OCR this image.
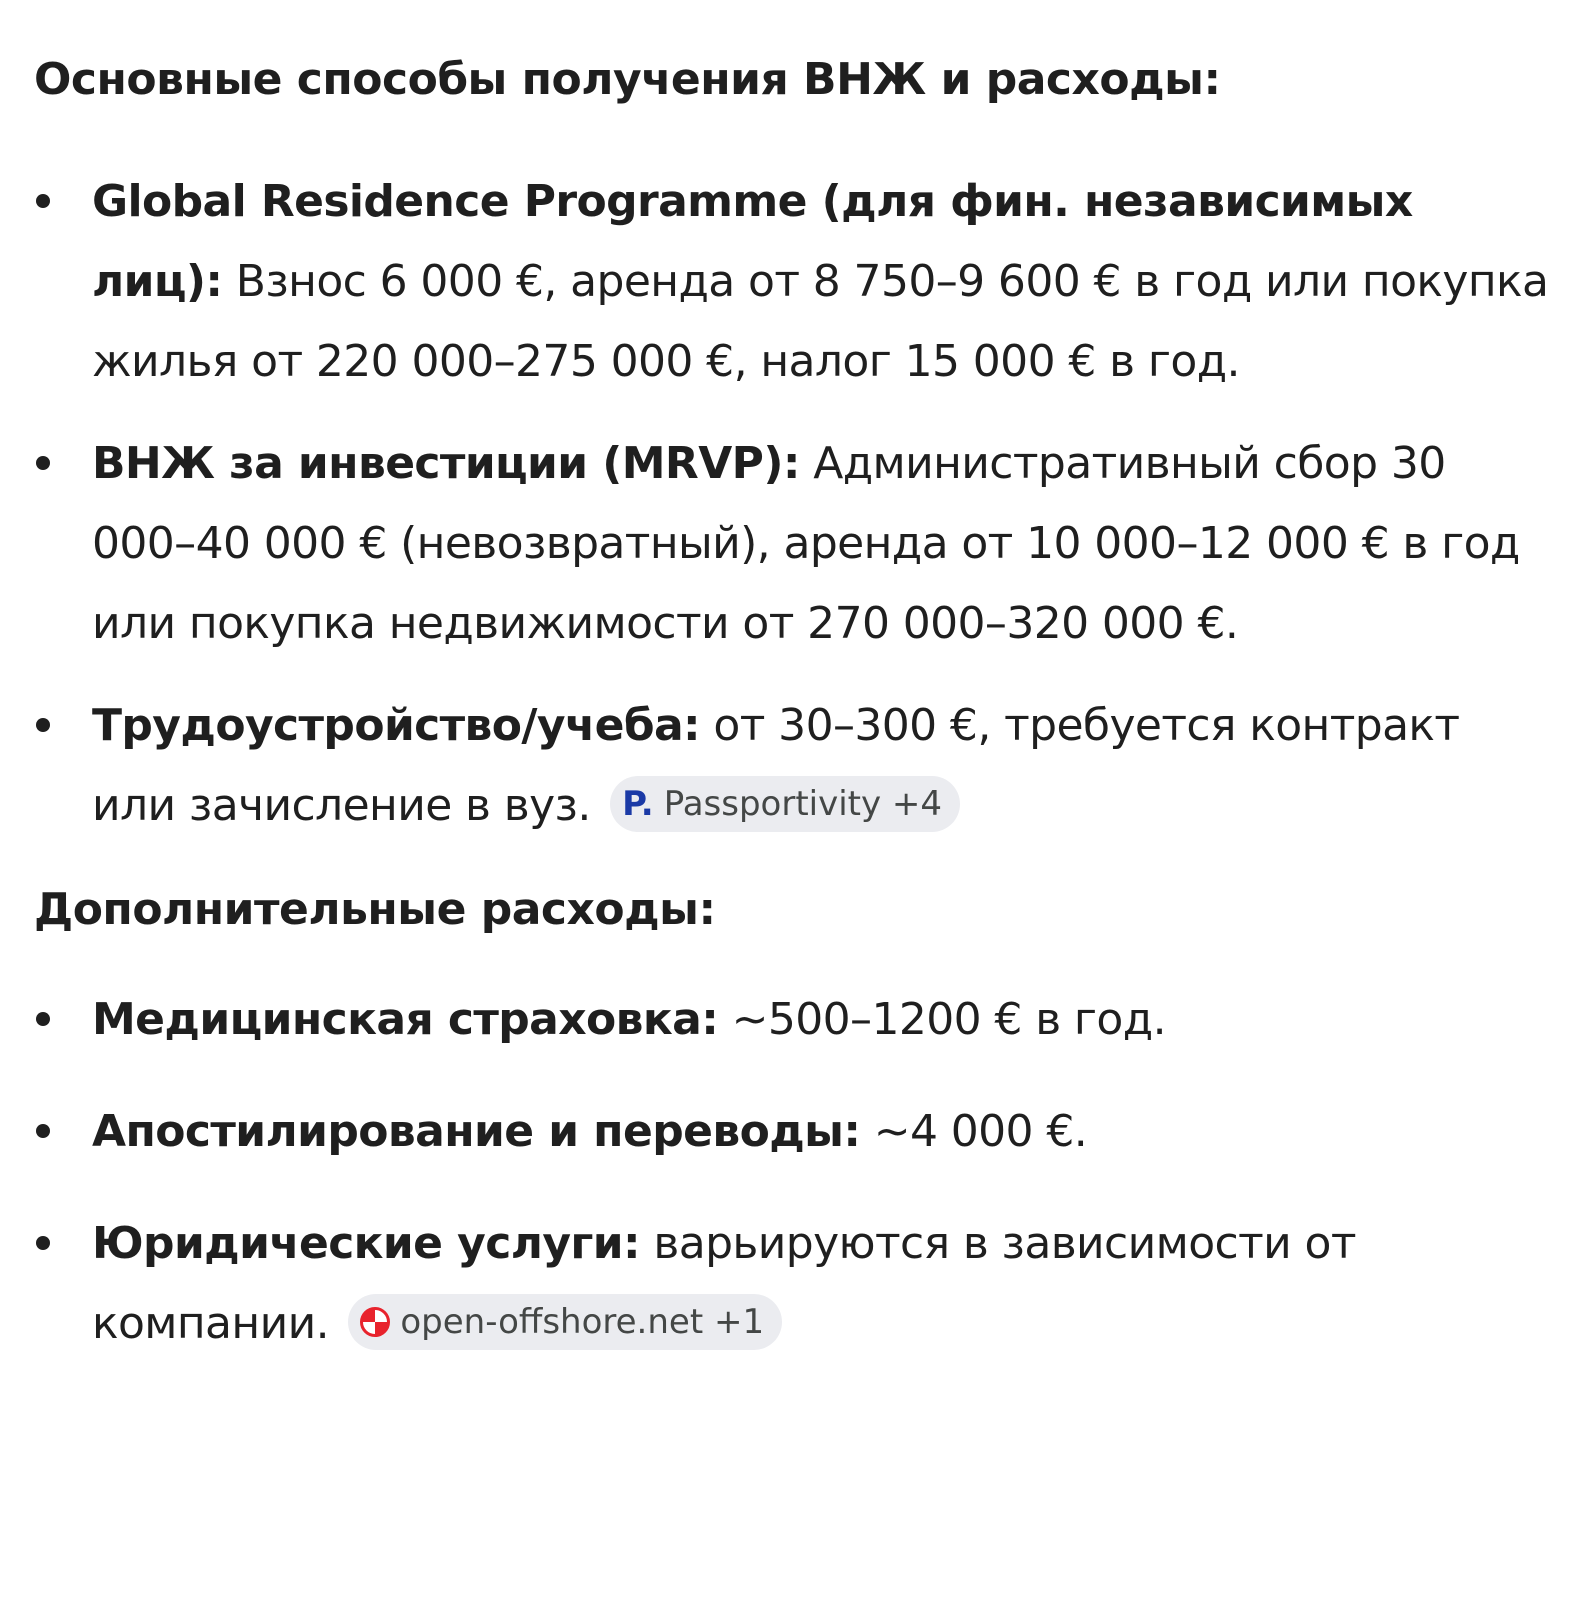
Основные способы получения ВНЖ и расходы:
Global Residence Programme (для фин. независимых лиц): Взнос 6 000 €, аренда от 8 750–9 600 € в год или покупка жилья от 220 000–275 000 €, налог 15 000 € в год.
ВНЖ за инвестиции (MRVP): Административный сбор 30 000–40 000 € (невозвратный), аренда от 10 000–12 000 € в год или покупка недвижимости от 270 000–320 000 €.
Трудоустройство/учеба: от 30–300 €, требуется контракт или зачисление в вуз. P. Passportivity +4
Дополнительные расходы:
Медицинская страховка: ~500–1200 € в год.
Апостилирование и переводы: ~4 000 €.
Юридические услуги: варьируются в зависимости от компании. open-offshore.net +1
